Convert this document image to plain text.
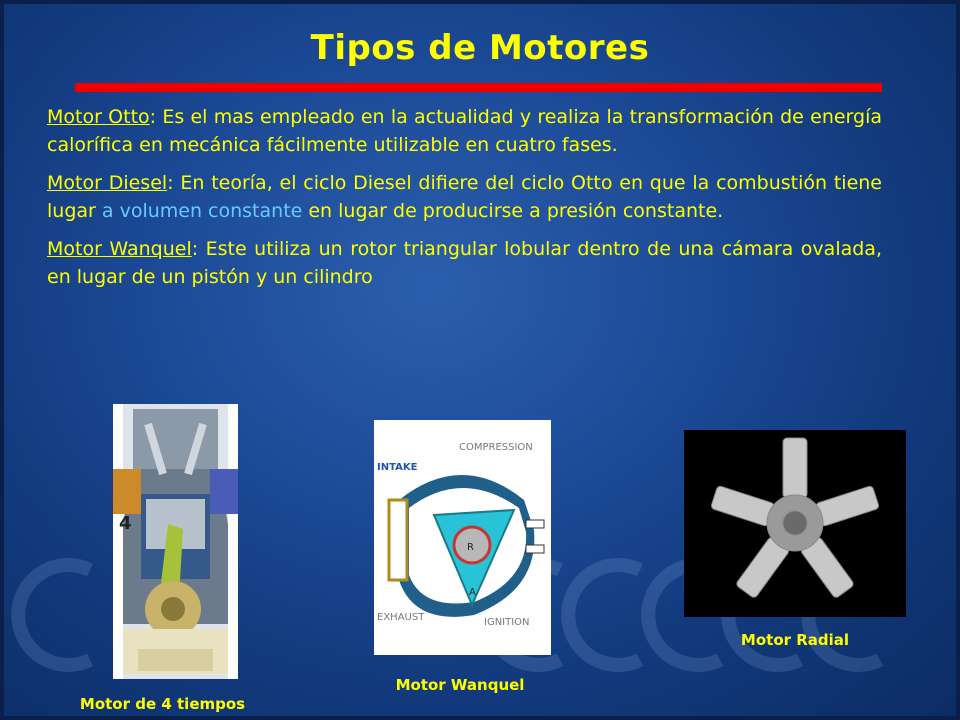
Tipos de Motores

Motor Otto: Es el mas empleado en la actualidad y realiza la transformación de energía calorífica en mecánica fácilmente utilizable en cuatro fases.

Motor Diesel: En teoría, el ciclo Diesel difiere del ciclo Otto en que la combustión tiene lugar a volumen constante en lugar de producirse a presión constante.

Motor Wanquel: Este utiliza un rotor triangular lobular dentro de una cámara ovalada, en lugar de un pistón y un cilindro

4
Motor de 4 tiempos
COMPRESSION
INTAKE
EXHAUST	IGNITION
R
A
Motor Wanquel
Motor Radial
